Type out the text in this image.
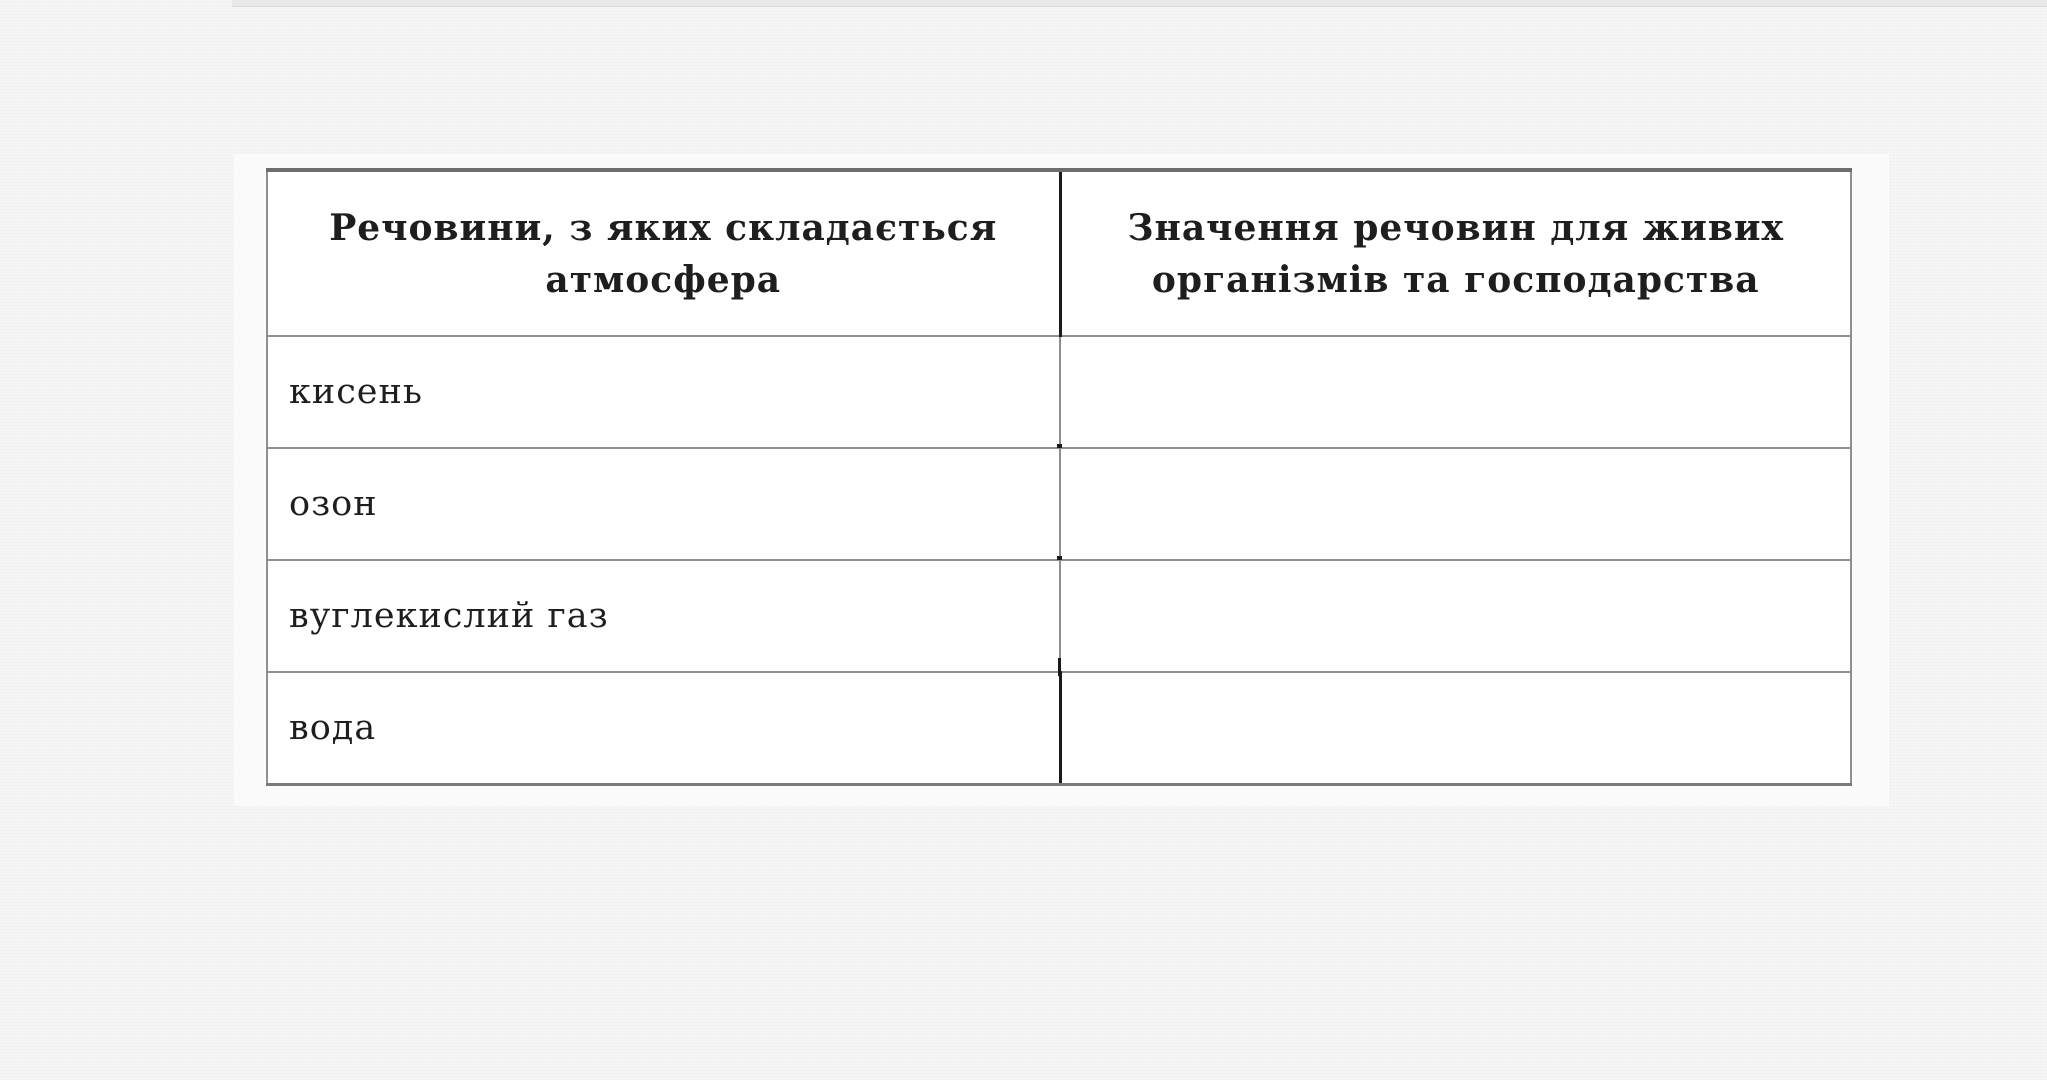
Речовини, з яких складається атмосфера	Значення речовин для живих організмів та господарства
кисень	
озон	
вуглекислий газ	
вода	
